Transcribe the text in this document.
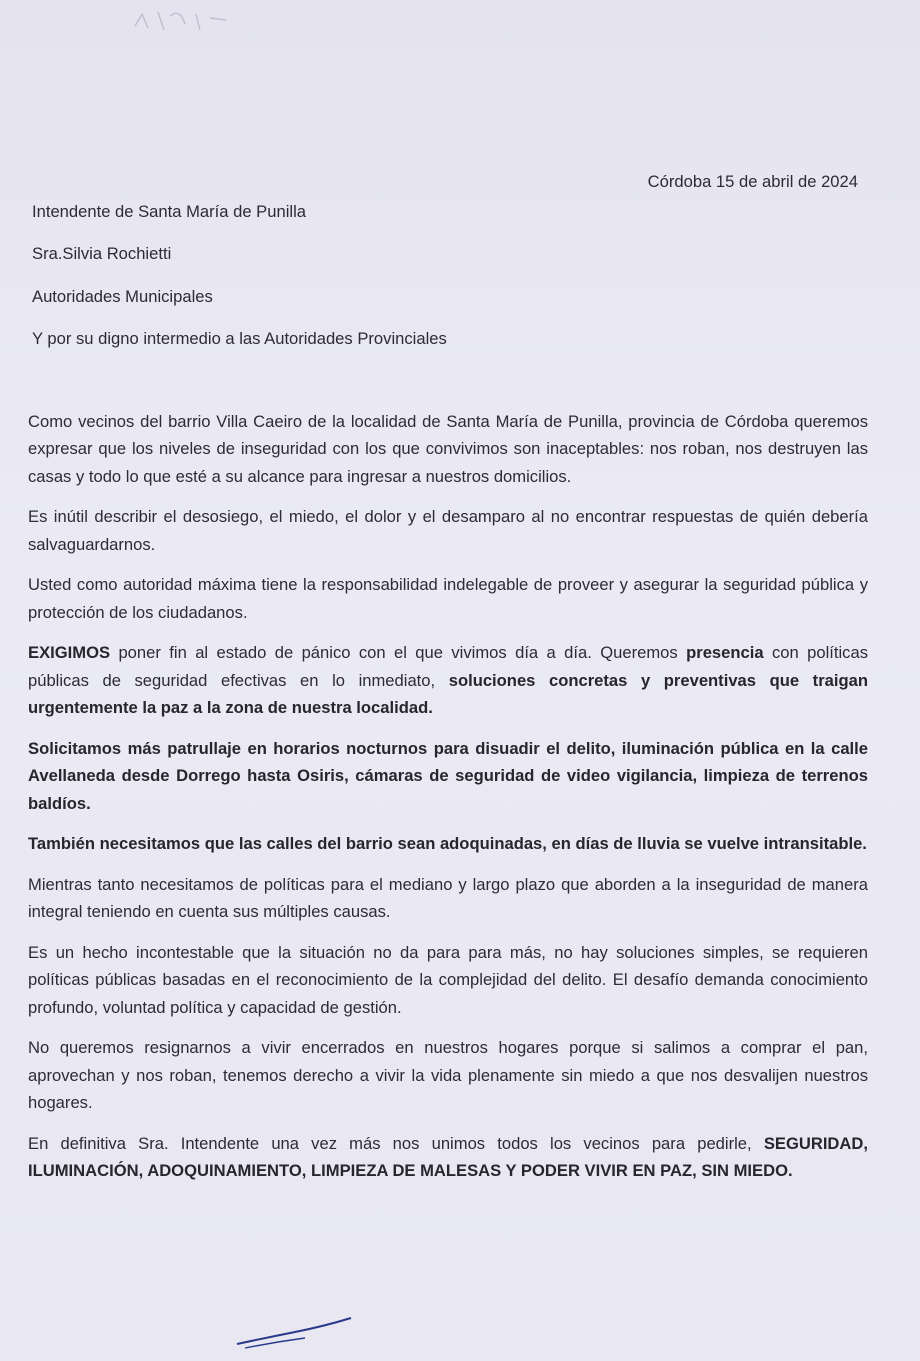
Córdoba 15 de abril de 2024
Intendente de Santa María de Punilla
Sra.Silvia Rochietti
Autoridades Municipales
Y por su digno intermedio a las Autoridades Provinciales

Como vecinos del barrio Villa Caeiro de la localidad de Santa María de Punilla, provincia de Córdoba queremos expresar que los niveles de inseguridad con los que convivimos son inaceptables: nos roban, nos destruyen las casas y todo lo que esté a su alcance para ingresar a nuestros domicilios.

Es inútil describir el desosiego, el miedo, el dolor y el desamparo al no encontrar respuestas de quién debería salvaguardarnos.

Usted como autoridad máxima tiene la responsabilidad indelegable de proveer y asegurar la seguridad pública y protección de los ciudadanos.

EXIGIMOS poner fin al estado de pánico con el que vivimos día a día. Queremos presencia con políticas públicas de seguridad efectivas en lo inmediato, soluciones concretas y preventivas que traigan urgentemente la paz a la zona de nuestra localidad.

Solicitamos más patrullaje en horarios nocturnos para disuadir el delito, iluminación pública en la calle Avellaneda desde Dorrego hasta Osiris, cámaras de seguridad de video vigilancia, limpieza de terrenos baldíos.

También necesitamos que las calles del barrio sean adoquinadas, en días de lluvia se vuelve intransitable.

Mientras tanto necesitamos de políticas para el mediano y largo plazo que aborden a la inseguridad de manera integral teniendo en cuenta sus múltiples causas.

Es un hecho incontestable que la situación no da para para más, no hay soluciones simples, se requieren políticas públicas basadas en el reconocimiento de la complejidad del delito. El desafío demanda conocimiento profundo, voluntad política y capacidad de gestión.

No queremos resignarnos a vivir encerrados en nuestros hogares porque si salimos a comprar el pan, aprovechan y nos roban, tenemos derecho a vivir la vida plenamente sin miedo a que nos desvalijen nuestros hogares.

En definitiva Sra. Intendente una vez más nos unimos todos los vecinos para pedirle, SEGURIDAD, ILUMINACIÓN, ADOQUINAMIENTO, LIMPIEZA DE MALESAS Y PODER VIVIR EN PAZ, SIN MIEDO.
